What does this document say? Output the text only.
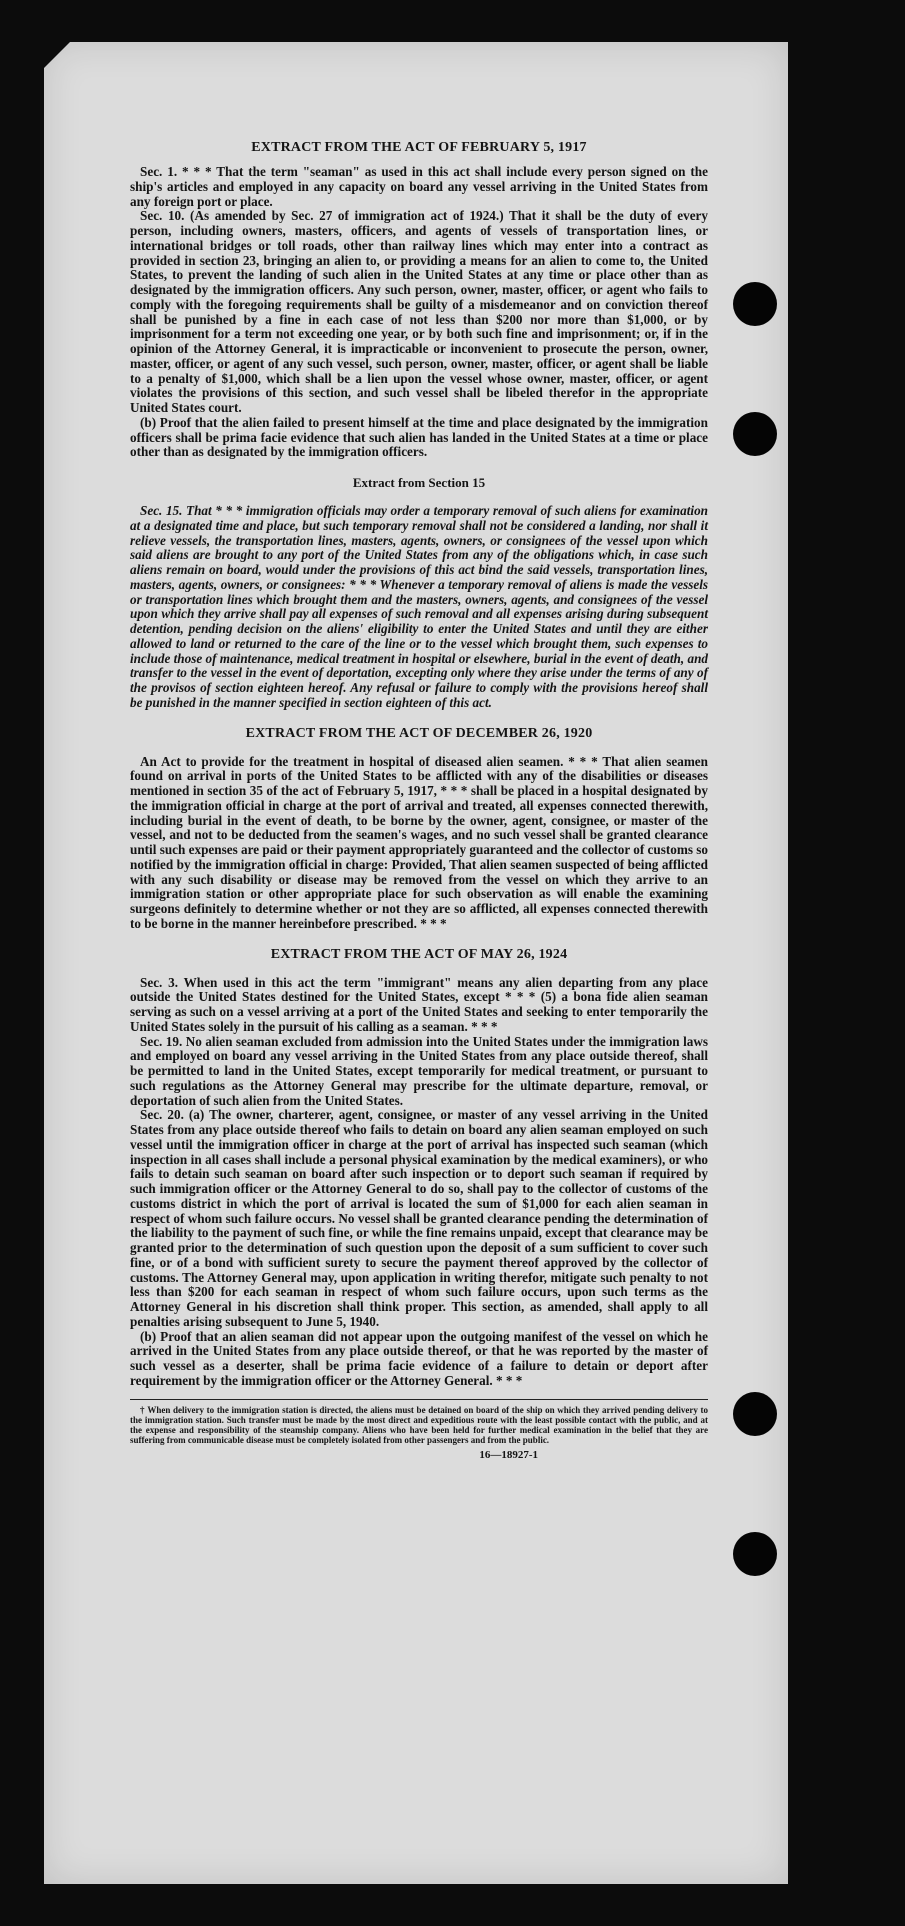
EXTRACT FROM THE ACT OF FEBRUARY 5, 1917

Sec. 1. * * * That the term "seaman" as used in this act shall include every person signed on the ship's articles and employed in any capacity on board any vessel arriving in the United States from any foreign port or place.

Sec. 10. (As amended by Sec. 27 of immigration act of 1924.) That it shall be the duty of every person, including owners, masters, officers, and agents of vessels of transportation lines, or international bridges or toll roads, other than railway lines which may enter into a contract as provided in section 23, bringing an alien to, or providing a means for an alien to come to, the United States, to prevent the landing of such alien in the United States at any time or place other than as designated by the immigration officers. Any such person, owner, master, officer, or agent who fails to comply with the foregoing requirements shall be guilty of a misdemeanor and on conviction thereof shall be punished by a fine in each case of not less than $200 nor more than $1,000, or by imprisonment for a term not exceeding one year, or by both such fine and imprisonment; or, if in the opinion of the Attorney General, it is impracticable or inconvenient to prosecute the person, owner, master, officer, or agent of any such vessel, such person, owner, master, officer, or agent shall be liable to a penalty of $1,000, which shall be a lien upon the vessel whose owner, master, officer, or agent violates the provisions of this section, and such vessel shall be libeled therefor in the appropriate United States court.

(b) Proof that the alien failed to present himself at the time and place designated by the immigration officers shall be prima facie evidence that such alien has landed in the United States at a time or place other than as designated by the immigration officers.

Extract from Section 15

Sec. 15. That * * * immigration officials may order a temporary removal of such aliens for examination at a designated time and place, but such temporary removal shall not be considered a landing, nor shall it relieve vessels, the transportation lines, masters, agents, owners, or consignees of the vessel upon which said aliens are brought to any port of the United States from any of the obligations which, in case such aliens remain on board, would under the provisions of this act bind the said vessels, transportation lines, masters, agents, owners, or consignees: * * * Whenever a temporary removal of aliens is made the vessels or transportation lines which brought them and the masters, owners, agents, and consignees of the vessel upon which they arrive shall pay all expenses of such removal and all expenses arising during subsequent detention, pending decision on the aliens' eligibility to enter the United States and until they are either allowed to land or returned to the care of the line or to the vessel which brought them, such expenses to include those of maintenance, medical treatment in hospital or elsewhere, burial in the event of death, and transfer to the vessel in the event of deportation, excepting only where they arise under the terms of any of the provisos of section eighteen hereof. Any refusal or failure to comply with the provisions hereof shall be punished in the manner specified in section eighteen of this act.

EXTRACT FROM THE ACT OF DECEMBER 26, 1920

An Act to provide for the treatment in hospital of diseased alien seamen. * * * That alien seamen found on arrival in ports of the United States to be afflicted with any of the disabilities or diseases mentioned in section 35 of the act of February 5, 1917, * * * shall be placed in a hospital designated by the immigration official in charge at the port of arrival and treated, all expenses connected therewith, including burial in the event of death, to be borne by the owner, agent, consignee, or master of the vessel, and not to be deducted from the seamen's wages, and no such vessel shall be granted clearance until such expenses are paid or their payment appropriately guaranteed and the collector of customs so notified by the immigration official in charge: Provided, That alien seamen suspected of being afflicted with any such disability or disease may be removed from the vessel on which they arrive to an immigration station or other appropriate place for such observation as will enable the examining surgeons definitely to determine whether or not they are so afflicted, all expenses connected therewith to be borne in the manner hereinbefore prescribed. * * *

EXTRACT FROM THE ACT OF MAY 26, 1924

Sec. 3. When used in this act the term "immigrant" means any alien departing from any place outside the United States destined for the United States, except * * * (5) a bona fide alien seaman serving as such on a vessel arriving at a port of the United States and seeking to enter temporarily the United States solely in the pursuit of his calling as a seaman. * * *

Sec. 19. No alien seaman excluded from admission into the United States under the immigration laws and employed on board any vessel arriving in the United States from any place outside thereof, shall be permitted to land in the United States, except temporarily for medical treatment, or pursuant to such regulations as the Attorney General may prescribe for the ultimate departure, removal, or deportation of such alien from the United States.

Sec. 20. (a) The owner, charterer, agent, consignee, or master of any vessel arriving in the United States from any place outside thereof who fails to detain on board any alien seaman employed on such vessel until the immigration officer in charge at the port of arrival has inspected such seaman (which inspection in all cases shall include a personal physical examination by the medical examiners), or who fails to detain such seaman on board after such inspection or to deport such seaman if required by such immigration officer or the Attorney General to do so, shall pay to the collector of customs of the customs district in which the port of arrival is located the sum of $1,000 for each alien seaman in respect of whom such failure occurs. No vessel shall be granted clearance pending the determination of the liability to the payment of such fine, or while the fine remains unpaid, except that clearance may be granted prior to the determination of such question upon the deposit of a sum sufficient to cover such fine, or of a bond with sufficient surety to secure the payment thereof approved by the collector of customs. The Attorney General may, upon application in writing therefor, mitigate such penalty to not less than $200 for each seaman in respect of whom such failure occurs, upon such terms as the Attorney General in his discretion shall think proper. This section, as amended, shall apply to all penalties arising subsequent to June 5, 1940.

(b) Proof that an alien seaman did not appear upon the outgoing manifest of the vessel on which he arrived in the United States from any place outside thereof, or that he was reported by the master of such vessel as a deserter, shall be prima facie evidence of a failure to detain or deport after requirement by the immigration officer or the Attorney General. * * *

† When delivery to the immigration station is directed, the aliens must be detained on board of the ship on which they arrived pending delivery to the immigration station. Such transfer must be made by the most direct and expeditious route with the least possible contact with the public, and at the expense and responsibility of the steamship company. Aliens who have been held for further medical examination in the belief that they are suffering from communicable disease must be completely isolated from other passengers and from the public.

16—18927-1
